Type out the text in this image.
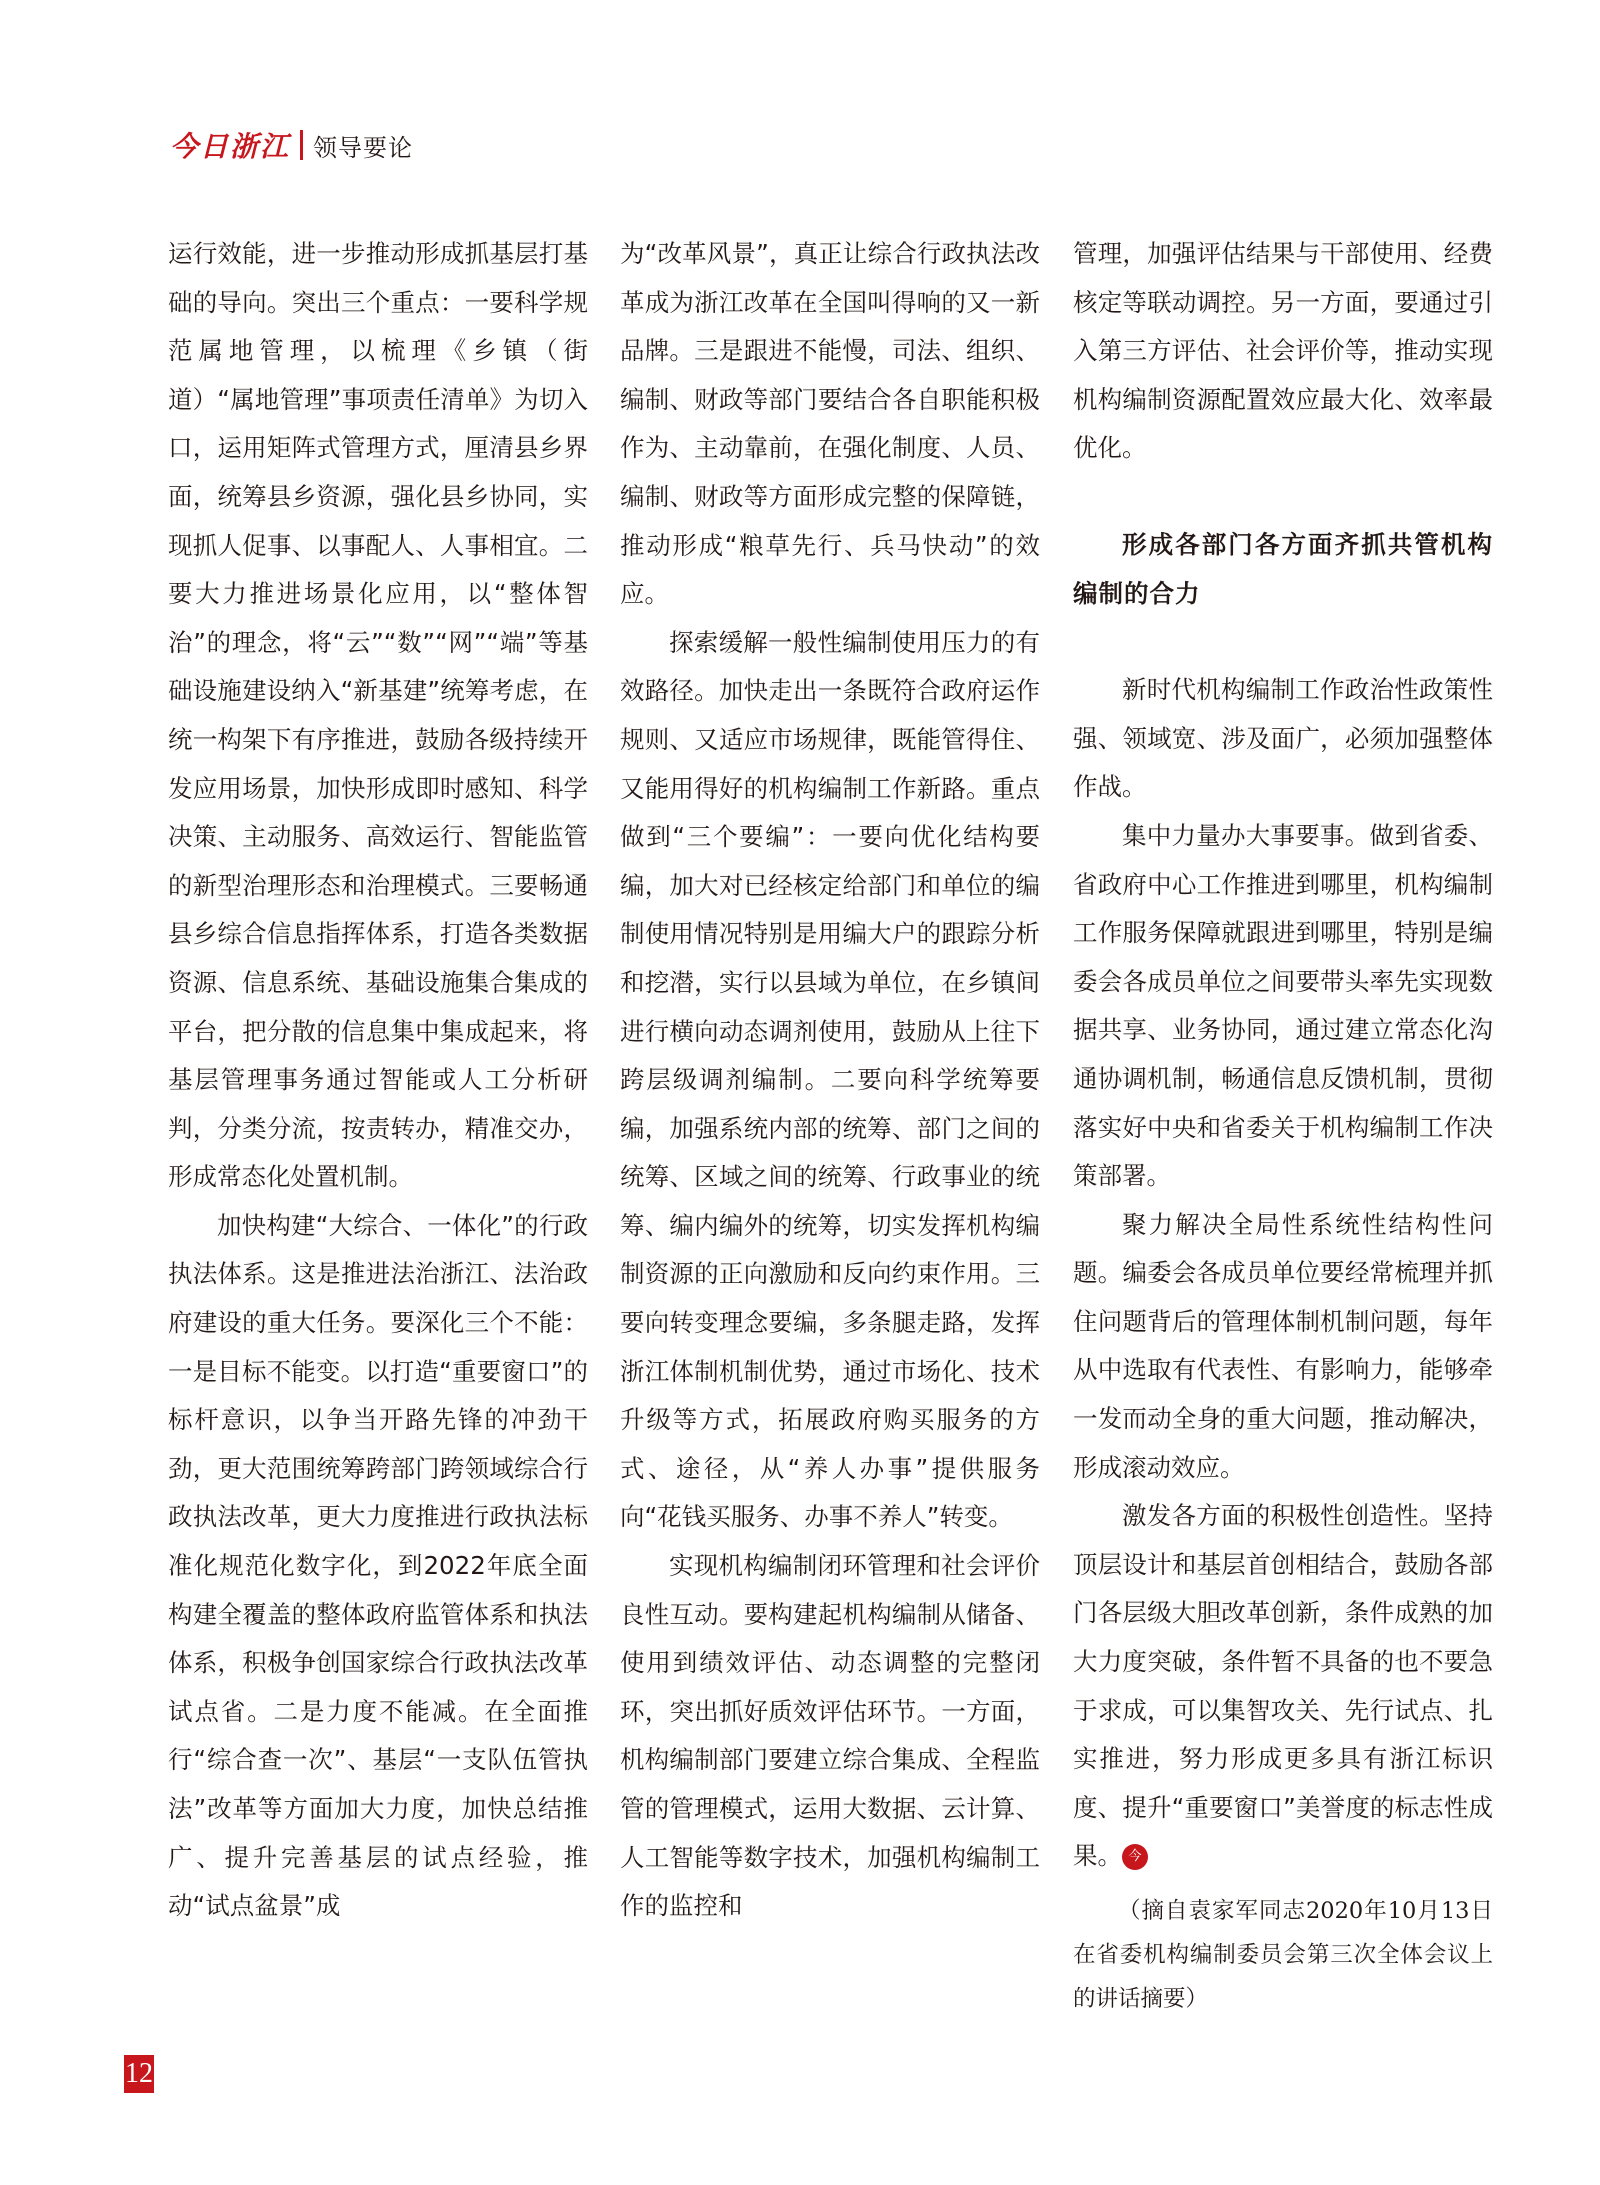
今日浙江 领导要论

运行效能，进一步推动形成抓基层打基础的导向。突出三个重点：一要科学规范属地管理，以梳理《乡镇（街道）“属地管理”事项责任清单》为切入口，运用矩阵式管理方式，厘清县乡界面，统筹县乡资源，强化县乡协同，实现抓人促事、以事配人、人事相宜。二要大力推进场景化应用，以“整体智治”的理念，将“云”“数”“网”“端”等基础设施建设纳入“新基建”统筹考虑，在统一构架下有序推进，鼓励各级持续开发应用场景，加快形成即时感知、科学决策、主动服务、高效运行、智能监管的新型治理形态和治理模式。三要畅通县乡综合信息指挥体系，打造各类数据资源、信息系统、基础设施集合集成的平台，把分散的信息集中集成起来，将基层管理事务通过智能或人工分析研判，分类分流，按责转办，精准交办，形成常态化处置机制。

加快构建“大综合、一体化”的行政执法体系。这是推进法治浙江、法治政府建设的重大任务。要深化三个不能：一是目标不能变。以打造“重要窗口”的标杆意识，以争当开路先锋的冲劲干劲，更大范围统筹跨部门跨领域综合行政执法改革，更大力度推进行政执法标准化规范化数字化，到2022年底全面构建全覆盖的整体政府监管体系和执法体系，积极争创国家综合行政执法改革试点省。二是力度不能减。在全面推行“综合查一次”、基层“一支队伍管执法”改革等方面加大力度，加快总结推广、提升完善基层的试点经验，推动“试点盆景”成

为“改革风景”，真正让综合行政执法改革成为浙江改革在全国叫得响的又一新品牌。三是跟进不能慢，司法、组织、编制、财政等部门要结合各自职能积极作为、主动靠前，在强化制度、人员、编制、财政等方面形成完整的保障链，推动形成“粮草先行、兵马快动”的效应。

探索缓解一般性编制使用压力的有效路径。加快走出一条既符合政府运作规则、又适应市场规律，既能管得住、又能用得好的机构编制工作新路。重点做到“三个要编”：一要向优化结构要编，加大对已经核定给部门和单位的编制使用情况特别是用编大户的跟踪分析和挖潜，实行以县域为单位，在乡镇间进行横向动态调剂使用，鼓励从上往下跨层级调剂编制。二要向科学统筹要编，加强系统内部的统筹、部门之间的统筹、区域之间的统筹、行政事业的统筹、编内编外的统筹，切实发挥机构编制资源的正向激励和反向约束作用。三要向转变理念要编，多条腿走路，发挥浙江体制机制优势，通过市场化、技术升级等方式，拓展政府购买服务的方式、途径，从“养人办事”提供服务向“花钱买服务、办事不养人”转变。

实现机构编制闭环管理和社会评价良性互动。要构建起机构编制从储备、使用到绩效评估、动态调整的完整闭环，突出抓好质效评估环节。一方面，机构编制部门要建立综合集成、全程监管的管理模式，运用大数据、云计算、人工智能等数字技术，加强机构编制工作的监控和

管理，加强评估结果与干部使用、经费核定等联动调控。另一方面，要通过引入第三方评估、社会评价等，推动实现机构编制资源配置效应最大化、效率最优化。

形成各部门各方面齐抓共管机构编制的合力

新时代机构编制工作政治性政策性强、领域宽、涉及面广，必须加强整体作战。

集中力量办大事要事。做到省委、省政府中心工作推进到哪里，机构编制工作服务保障就跟进到哪里，特别是编委会各成员单位之间要带头率先实现数据共享、业务协同，通过建立常态化沟通协调机制，畅通信息反馈机制，贯彻落实好中央和省委关于机构编制工作决策部署。

聚力解决全局性系统性结构性问题。编委会各成员单位要经常梳理并抓住问题背后的管理体制机制问题，每年从中选取有代表性、有影响力，能够牵一发而动全身的重大问题，推动解决，形成滚动效应。

激发各方面的积极性创造性。坚持顶层设计和基层首创相结合，鼓励各部门各层级大胆改革创新，条件成熟的加大力度突破，条件暂不具备的也不要急于求成，可以集智攻关、先行试点、扎实推进，努力形成更多具有浙江标识度、提升“重要窗口”美誉度的标志性成果。 今

（摘自袁家军同志2020年10月13日在省委机构编制委员会第三次全体会议上的讲话摘要）

12
